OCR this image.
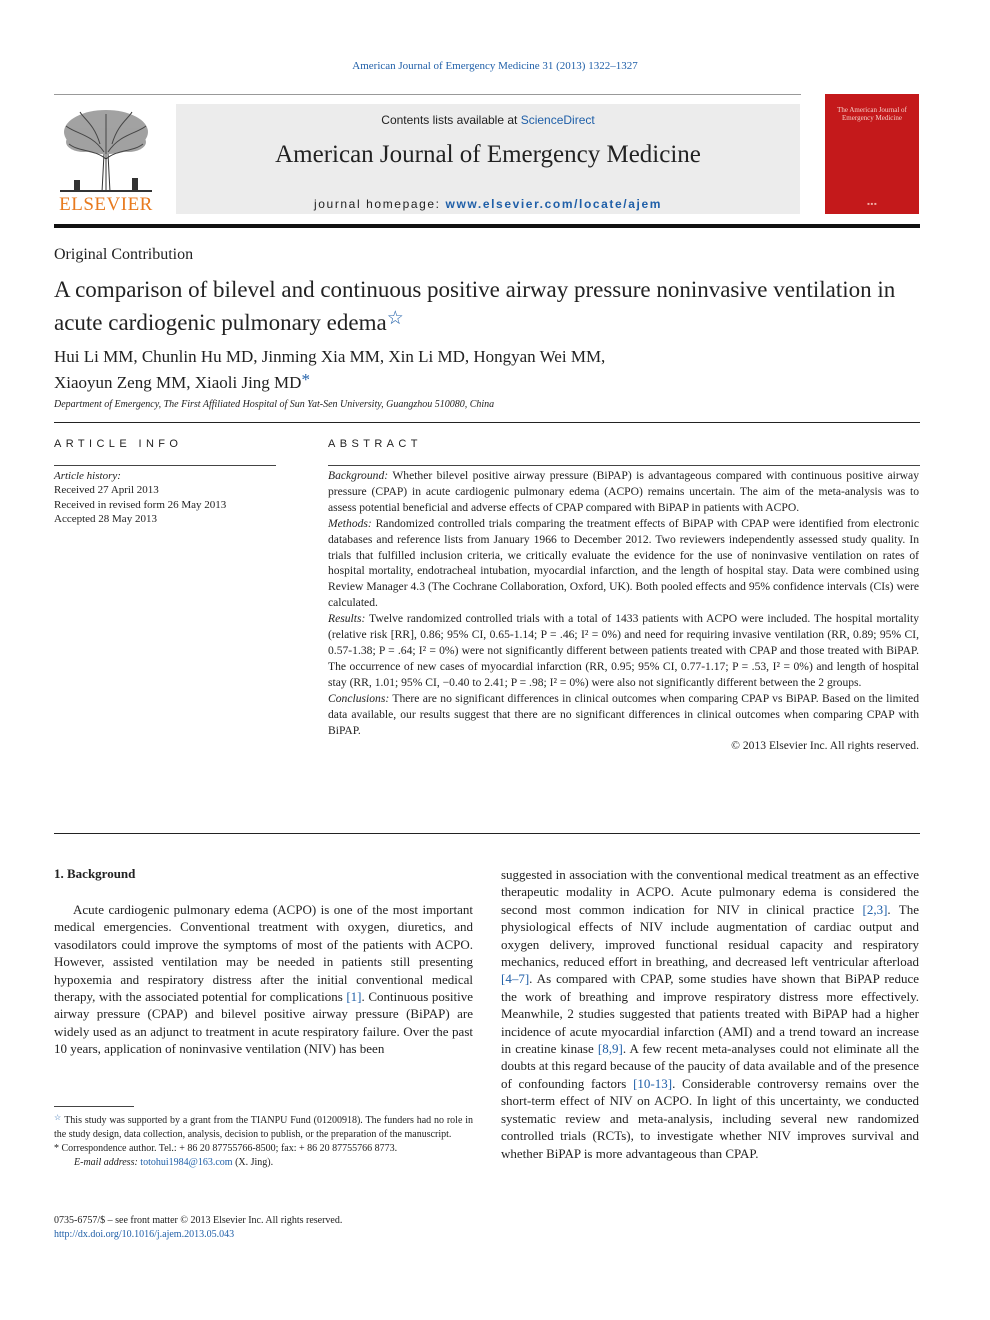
American Journal of Emergency Medicine 31 (2013) 1322–1327
ELSEVIER
Contents lists available at ScienceDirect
American Journal of Emergency Medicine
journal homepage: www.elsevier.com/locate/ajem
The American Journal of Emergency Medicine
■ ■ ■
Original Contribution
A comparison of bilevel and continuous positive airway pressure noninvasive ventilation in acute cardiogenic pulmonary edema☆
Hui Li MM, Chunlin Hu MD, Jinming Xia MM, Xin Li MD, Hongyan Wei MM,
Xiaoyun Zeng MM, Xiaoli Jing MD*
Department of Emergency, The First Affiliated Hospital of Sun Yat-Sen University, Guangzhou 510080, China
ARTICLE INFO	ABSTRACT
Article history:
Received 27 April 2013
Received in revised form 26 May 2013
Accepted 28 May 2013

Background: Whether bilevel positive airway pressure (BiPAP) is advantageous compared with continuous positive airway pressure (CPAP) in acute cardiogenic pulmonary edema (ACPO) remains uncertain. The aim of the meta-analysis was to assess potential beneficial and adverse effects of CPAP compared with BiPAP in patients with ACPO.

Methods: Randomized controlled trials comparing the treatment effects of BiPAP with CPAP were identified from electronic databases and reference lists from January 1966 to December 2012. Two reviewers independently assessed study quality. In trials that fulfilled inclusion criteria, we critically evaluate the evidence for the use of noninvasive ventilation on rates of hospital mortality, endotracheal intubation, myocardial infarction, and the length of hospital stay. Data were combined using Review Manager 4.3 (The Cochrane Collaboration, Oxford, UK). Both pooled effects and 95% confidence intervals (CIs) were calculated.

Results: Twelve randomized controlled trials with a total of 1433 patients with ACPO were included. The hospital mortality (relative risk [RR], 0.86; 95% CI, 0.65-1.14; P = .46; I² = 0%) and need for requiring invasive ventilation (RR, 0.89; 95% CI, 0.57-1.38; P = .64; I² = 0%) were not significantly different between patients treated with CPAP and those treated with BiPAP. The occurrence of new cases of myocardial infarction (RR, 0.95; 95% CI, 0.77-1.17; P = .53, I² = 0%) and length of hospital stay (RR, 1.01; 95% CI, −0.40 to 2.41; P = .98; I² = 0%) were also not significantly different between the 2 groups.

Conclusions: There are no significant differences in clinical outcomes when comparing CPAP vs BiPAP. Based on the limited data available, our results suggest that there are no significant differences in clinical outcomes when comparing CPAP with BiPAP.

© 2013 Elsevier Inc. All rights reserved.

1. Background

Acute cardiogenic pulmonary edema (ACPO) is one of the most important medical emergencies. Conventional treatment with oxygen, diuretics, and vasodilators could improve the symptoms of most of the patients with ACPO. However, assisted ventilation may be needed in patients still presenting hypoxemia and respiratory distress after the initial conventional medical therapy, with the associated potential for complications [1]. Continuous positive airway pressure (CPAP) and bilevel positive airway pressure (BiPAP) are widely used as an adjunct to treatment in acute respiratory failure. Over the past 10 years, application of noninvasive ventilation (NIV) has been

suggested in association with the conventional medical treatment as an effective therapeutic modality in ACPO. Acute pulmonary edema is considered the second most common indication for NIV in clinical practice [2,3]. The physiological effects of NIV include augmentation of cardiac output and oxygen delivery, improved functional residual capacity and respiratory mechanics, reduced effort in breathing, and decreased left ventricular afterload [4–7]. As compared with CPAP, some studies have shown that BiPAP reduce the work of breathing and improve respiratory distress more effectively. Meanwhile, 2 studies suggested that patients treated with BiPAP had a higher incidence of acute myocardial infarction (AMI) and a trend toward an increase in creatine kinase [8,9]. A few recent meta-analyses could not eliminate all the doubts at this regard because of the paucity of data available and of the presence of confounding factors [10-13]. Considerable controversy remains over the short-term effect of NIV on ACPO. In light of this uncertainty, we conducted systematic review and meta-analysis, including several new randomized controlled trials (RCTs), to investigate whether NIV improves survival and whether BiPAP is more advantageous than CPAP.

☆ This study was supported by a grant from the TIANPU Fund (01200918). The funders had no role in the study design, data collection, analysis, decision to publish, or the preparation of the manuscript.

* Correspondence author. Tel.: + 86 20 87755766-8500; fax: + 86 20 87755766 8773.

E-mail address: totohui1984@163.com (X. Jing).

0735-6757/$ – see front matter © 2013 Elsevier Inc. All rights reserved.
http://dx.doi.org/10.1016/j.ajem.2013.05.043
